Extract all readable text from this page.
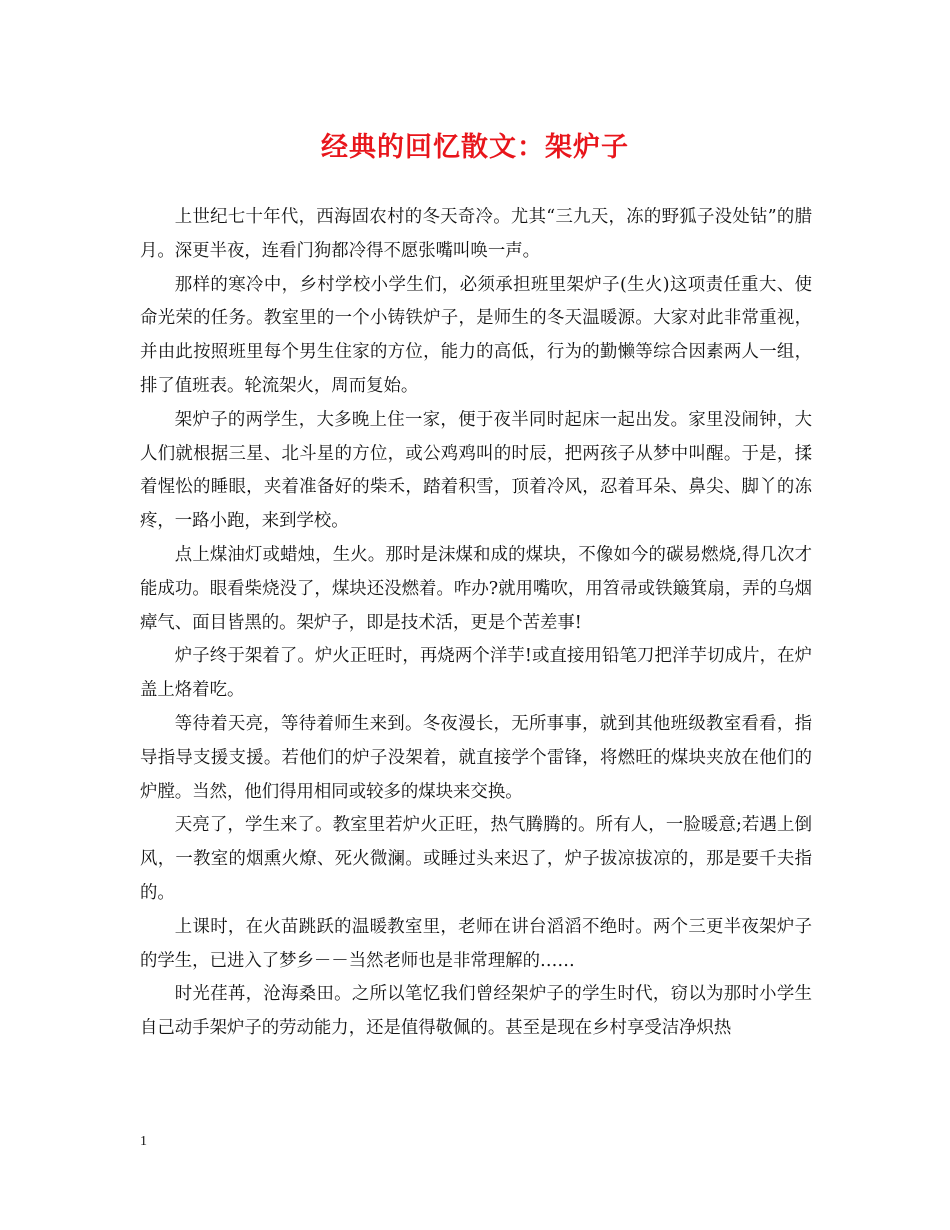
经典的回忆散文：架炉子

上世纪七十年代，西海固农村的冬天奇冷。尤其“三九天，冻的野狐子没处钻”的腊月。深更半夜，连看门狗都冷得不愿张嘴叫唤一声。

那样的寒冷中，乡村学校小学生们，必须承担班里架炉子(生火)这项责任重大、使命光荣的任务。教室里的一个小铸铁炉子，是师生的冬天温暖源。大家对此非常重视，并由此按照班里每个男生住家的方位，能力的高低，行为的勤懒等综合因素两人一组，排了值班表。轮流架火，周而复始。

架炉子的两学生，大多晚上住一家，便于夜半同时起床一起出发。家里没闹钟，大人们就根据三星、北斗星的方位，或公鸡鸡叫的时辰，把两孩子从梦中叫醒。于是，揉着惺忪的睡眼，夹着准备好的柴禾，踏着积雪，顶着冷风，忍着耳朵、鼻尖、脚丫的冻疼，一路小跑，来到学校。

点上煤油灯或蜡烛，生火。那时是沫煤和成的煤块，不像如今的碳易燃烧,得几次才能成功。眼看柴烧没了，煤块还没燃着。咋办?就用嘴吹，用笤帚或铁簸箕扇，弄的乌烟瘴气、面目皆黑的。架炉子，即是技术活，更是个苦差事!

炉子终于架着了。炉火正旺时，再烧两个洋芋!或直接用铅笔刀把洋芋切成片，在炉盖上烙着吃。

等待着天亮，等待着师生来到。冬夜漫长，无所事事，就到其他班级教室看看，指导指导支援支援。若他们的炉子没架着，就直接学个雷锋，将燃旺的煤块夹放在他们的炉膛。当然，他们得用相同或较多的煤块来交换。

天亮了，学生来了。教室里若炉火正旺，热气腾腾的。所有人，一脸暖意;若遇上倒风，一教室的烟熏火燎、死火微澜。或睡过头来迟了，炉子拔凉拔凉的，那是要千夫指的。

上课时，在火苗跳跃的温暖教室里，老师在讲台滔滔不绝时。两个三更半夜架炉子的学生，已进入了梦乡－－当然老师也是非常理解的……

时光荏苒，沧海桑田。之所以笔忆我们曾经架炉子的学生时代，窃以为那时小学生自己动手架炉子的劳动能力，还是值得敬佩的。甚至是现在乡村享受洁净炽热

1
